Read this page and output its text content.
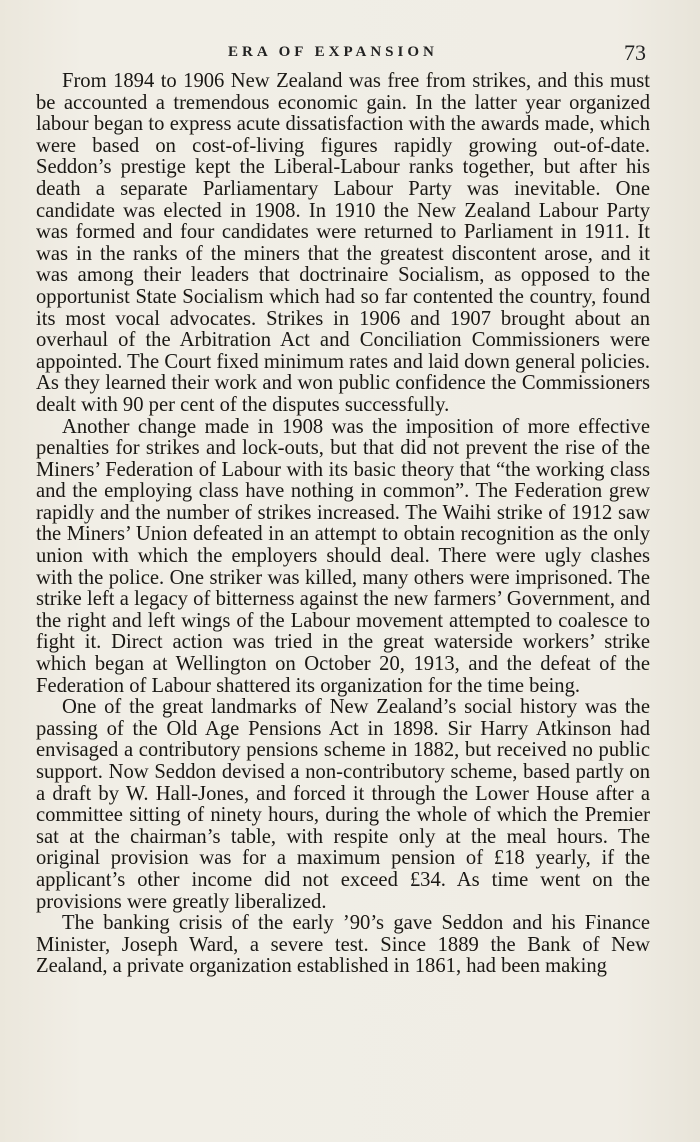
ERA OF EXPANSION	73

From 1894 to 1906 New Zealand was free from strikes, and this must be accounted a tremendous economic gain. In the latter year organized labour began to express acute dissatisfaction with the awards made, which were based on cost-of-living figures rapidly growing out-of-date. Seddon’s prestige kept the Liberal-Labour ranks together, but after his death a separate Parliamentary Labour Party was inevitable. One candidate was elected in 1908. In 1910 the New Zealand Labour Party was formed and four candidates were returned to Parliament in 1911. It was in the ranks of the miners that the greatest discontent arose, and it was among their leaders that doctrinaire Socialism, as opposed to the opportunist State Socialism which had so far contented the country, found its most vocal advocates. Strikes in 1906 and 1907 brought about an overhaul of the Arbitration Act and Conciliation Commissioners were appointed. The Court fixed minimum rates and laid down general policies. As they learned their work and won public confidence the Commissioners dealt with 90 per cent of the disputes successfully.

Another change made in 1908 was the imposition of more effective penalties for strikes and lock-outs, but that did not prevent the rise of the Miners’ Federation of Labour with its basic theory that “the working class and the employing class have nothing in common”. The Federation grew rapidly and the number of strikes increased. The Waihi strike of 1912 saw the Miners’ Union defeated in an attempt to obtain recognition as the only union with which the employers should deal. There were ugly clashes with the police. One striker was killed, many others were imprisoned. The strike left a legacy of bitterness against the new farmers’ Government, and the right and left wings of the Labour movement attempted to coalesce to fight it. Direct action was tried in the great waterside workers’ strike which began at Wellington on October 20, 1913, and the defeat of the Federation of Labour shattered its organization for the time being.

One of the great landmarks of New Zealand’s social history was the passing of the Old Age Pensions Act in 1898. Sir Harry Atkinson had envisaged a contributory pensions scheme in 1882, but received no public support. Now Seddon devised a non-contributory scheme, based partly on a draft by W. Hall-Jones, and forced it through the Lower House after a committee sitting of ninety hours, during the whole of which the Premier sat at the chairman’s table, with respite only at the meal hours. The original provision was for a maximum pension of £18 yearly, if the applicant’s other income did not exceed £34. As time went on the provisions were greatly liberalized.

The banking crisis of the early ’90’s gave Seddon and his Finance Minister, Joseph Ward, a severe test. Since 1889 the Bank of New Zealand, a private organization established in 1861, had been making
